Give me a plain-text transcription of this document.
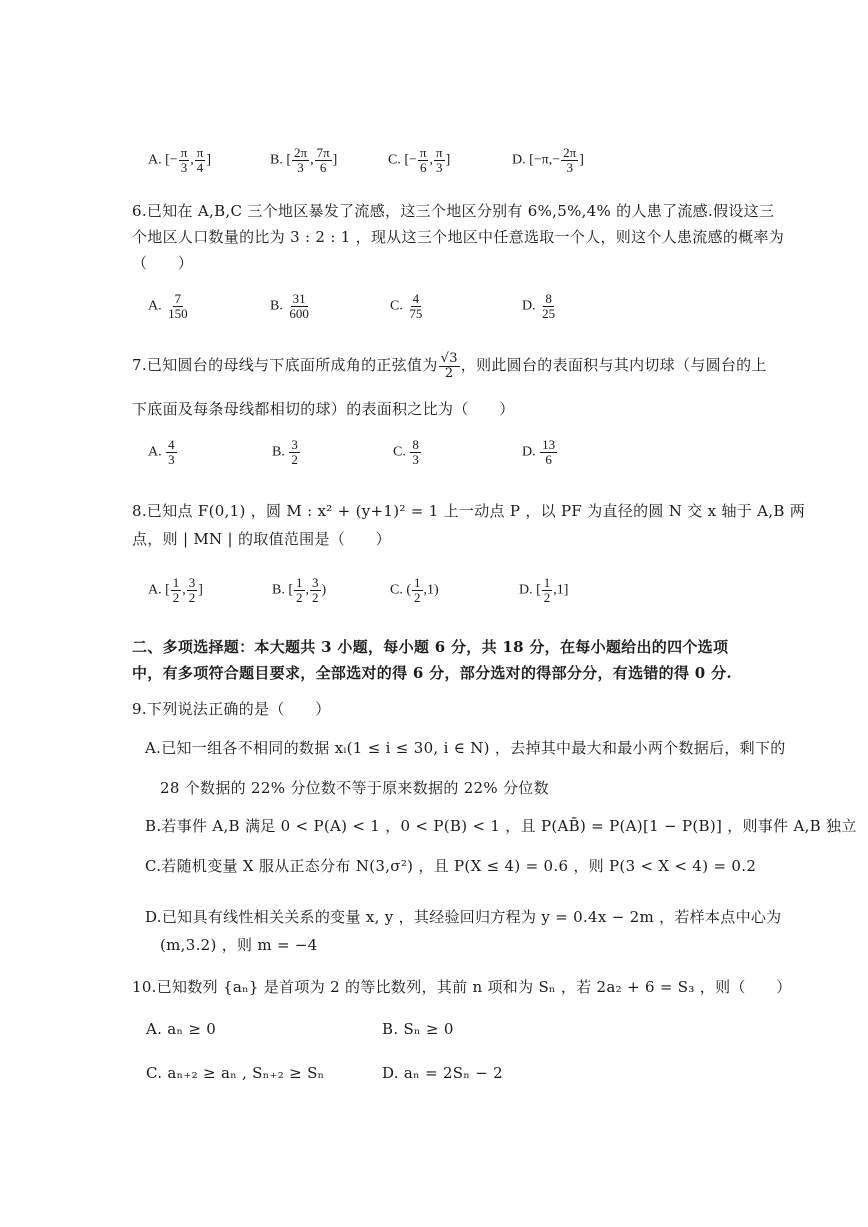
A. [− $\frac{\pi}{3}$ , $\frac{\pi}{4}$ ]	B. [ $\frac{2\pi}{3}$ , $\frac{7\pi}{6}$ ]	C. [− $\frac{\pi}{6}$ , $\frac{\pi}{3}$ ]	D. [$-\pi,- \frac{2\pi}{3}$ ]
6.已知在 A,B,C 三个地区暴发了流感，这三个地区分别有 6%,5%,4% 的人患了流感.假设这三
个地区人口数量的比为 3 : 2 : 1 ，现从这三个地区中任意选取一个人，则这个人患流感的概率为
（　　）
A. $\frac{7}{150}$	B. $\frac{31}{600}$	C. $\frac{4}{75}$	D. $\frac{8}{25}$
7.已知圆台的母线与下底面所成角的正弦值为 $\frac{√3}{2}$ ，则此圆台的表面积与其内切球（与圆台的上
下底面及每条母线都相切的球）的表面积之比为（　　）
A. $\frac{4}{3}$	B. $\frac{3}{2}$	C. $\frac{8}{3}$	D. $\frac{13}{6}$
8.已知点 F(0,1) ，圆 M : x² + (y+1)² = 1 上一动点 P ，以 PF 为直径的圆 N 交 x 轴于 A,B 两
点，则 | MN | 的取值范围是（　　）
A. [ $\frac{1}{2}$ , $\frac{3}{2}$ ]	B. [ $\frac{1}{2}$ , $\frac{3}{2}$ )	C. ( $\frac{1}{2} ,1$)	D. [ $\frac{1}{2} ,1$]
二、多项选择题：本大题共 3 小题，每小题 6 分，共 18 分，在每小题给出的四个选项
中，有多项符合题目要求，全部选对的得 6 分，部分选对的得部分分，有选错的得 0 分.
9.下列说法正确的是（　　）
A.已知一组各不相同的数据 xᵢ(1 ≤ i ≤ 30, i ∈ N) ，去掉其中最大和最小两个数据后，剩下的
28 个数据的 22% 分位数不等于原来数据的 22% 分位数
B.若事件 A,B 满足 0 < P(A) < 1 ，0 < P(B) < 1 ，且 P(AB̄) = P(A)[1 − P(B)] ，则事件 A,B 独立
C.若随机变量 X 服从正态分布 N(3,σ²) ，且 P(X ≤ 4) = 0.6 ，则 P(3 < X < 4) = 0.2
D.已知具有线性相关关系的变量 x, y ，其经验回归方程为 y = 0.4x − 2m ，若样本点中心为
(m,3.2) ，则 m = −4
10.已知数列 {aₙ} 是首项为 2 的等比数列，其前 n 项和为 Sₙ ，若 2a₂ + 6 = S₃ ，则（　　）
A. aₙ ≥ 0	B. Sₙ ≥ 0
C. aₙ₊₂ ≥ aₙ , Sₙ₊₂ ≥ Sₙ	D. aₙ = 2Sₙ − 2
